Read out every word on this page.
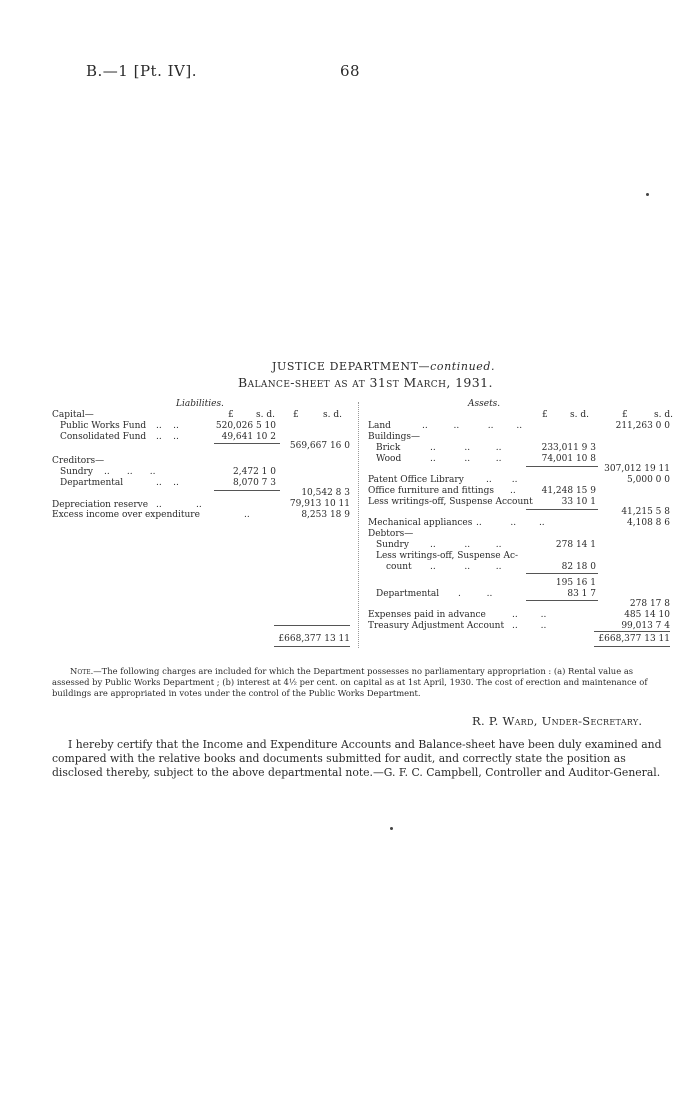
B.—1 [Pt. IV].	68
JUSTICE DEPARTMENT—continued.
Balance-sheet as at 31st March, 1931.
Liabilities.
£ s. d. £	s. d.
Capital—
Public Works Fund ..    ..	520,026 5 10
Consolidated Fund ..    ..	49,641 10 2
569,667 16 0
Creditors—
Sundry ..      ..      ..	2,472 1 0
Departmental	..    ..	8,070 7 3
10,542 8 3
Depreciation reserve ..            ..	79,913 10 11
Excess income over expenditure	..	8,253 18 9
£668,377 13 11
Assets.
£ s. d.	£	s. d.
Land	..         ..          ..        ..	211,263 0 0
Buildings—
Brick	..          ..         ..	233,011 9 3
Wood	..          ..         ..	74,001 10 8
307,012 19 11
Patent Office Library ..       ..	5,000 0 0
Office furniture and fittings ..	41,248 15 9
Less writings-off, Suspense Account	33 10 1
41,215 5 8
Mechanical appliances ..          ..        ..	4,108 8 6
Debtors—
Sundry ..          ..         ..	278 14 1
Less writings-off, Suspense Ac-
count ..          ..         ..	82 18 0
195 16 1
Departmental .         ..	83 1 7
278 17 8
Expenses paid in advance	..        ..	485 14 10
Treasury Adjustment Account ..        ..	99,013 7 4
£668,377 13 11
Note.—The following charges are included for which the Department possesses no parliamentary appropriation : (a) Rental value as assessed by Public Works Department ; (b) interest at 4½ per cent. on capital as at 1st April, 1930. The cost of erection and maintenance of buildings are appropriated in votes under the control of the Public Works Department.
R. P. Ward, Under-Secretary.
I hereby certify that the Income and Expenditure Accounts and Balance-sheet have been duly examined and compared with the relative books and documents submitted for audit, and correctly state the position as disclosed thereby, subject to the above departmental note.—G. F. C. Campbell, Controller and Auditor-General.
